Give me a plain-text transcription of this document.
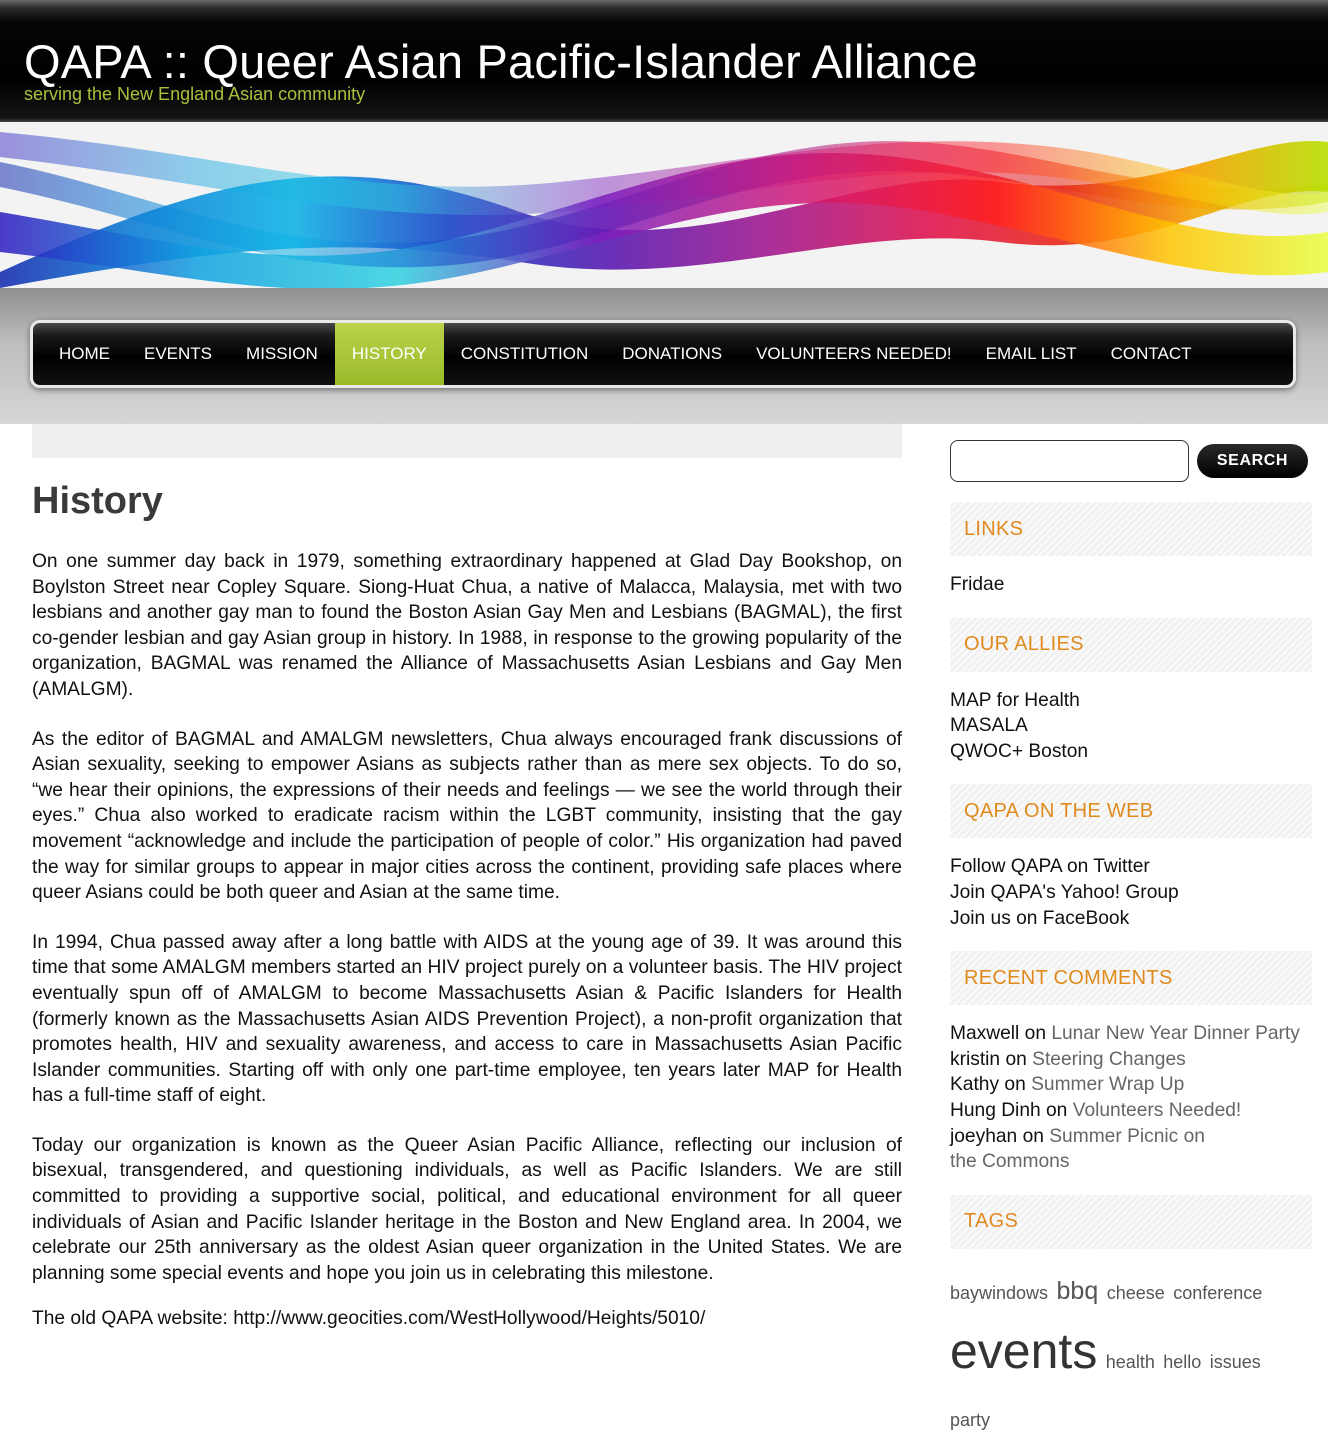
QAPA :: Queer Asian Pacific-Islander Alliance
serving the New England Asian community
HOME	EVENTS	MISSION	HISTORY	CONSTITUTION	DONATIONS	VOLUNTEERS NEEDED!	EMAIL LIST	CONTACT
History

On one summer day back in 1979, something extraordinary happened at Glad Day Bookshop, on Boylston Street near Copley Square. Siong-Huat Chua, a native of Malacca, Malaysia, met with two lesbians and another gay man to found the Boston Asian Gay Men and Lesbians (BAGMAL), the first co-gender lesbian and gay Asian group in history. In 1988, in response to the growing popularity of the organization, BAGMAL was renamed the Alliance of Massachusetts Asian Lesbians and Gay Men (AMALGM).

As the editor of BAGMAL and AMALGM newsletters, Chua always encouraged frank discussions of Asian sexuality, seeking to empower Asians as subjects rather than as mere sex objects. To do so, “we hear their opinions, the expressions of their needs and feelings — we see the world through their eyes.” Chua also worked to eradicate racism within the LGBT community, insisting that the gay movement “acknowledge and include the participation of people of color.” His organization had paved the way for similar groups to appear in major cities across the continent, providing safe places where queer Asians could be both queer and Asian at the same time.

In 1994, Chua passed away after a long battle with AIDS at the young age of 39. It was around this time that some AMALGM members started an HIV project purely on a volunteer basis. The HIV project eventually spun off of AMALGM to become Massachusetts Asian & Pacific Islanders for Health (formerly known as the Massachusetts Asian AIDS Prevention Project), a non-profit organization that promotes health, HIV and sexuality awareness, and access to care in Massachusetts Asian Pacific Islander communities. Starting off with only one part-time employee, ten years later MAP for Health has a full-time staff of eight.

Today our organization is known as the Queer Asian Pacific Alliance, reflecting our inclusion of bisexual, transgendered, and questioning individuals, as well as Pacific Islanders. We are still committed to providing a supportive social, political, and educational environment for all queer individuals of Asian and Pacific Islander heritage in the Boston and New England area. In 2004, we celebrate our 25th anniversary as the oldest Asian queer organization in the United States. We are planning some special events and hope you join us in celebrating this milestone.

The old QAPA website: http://www.geocities.com/WestHollywood/Heights/5010/

SEARCH
LINKS
Fridae
OUR ALLIES
MAP for Health
MASALA
QWOC+ Boston
QAPA ON THE WEB
Follow QAPA on Twitter
Join QAPA's Yahoo! Group
Join us on FaceBook
RECENT COMMENTS
Maxwell on Lunar New Year Dinner Party
kristin on Steering Changes
Kathy on Summer Wrap Up
Hung Dinh on Volunteers Needed!
joeyhan on Summer Picnic on the Commons
TAGS
baywindows bbq cheese conference events health hello issues party
